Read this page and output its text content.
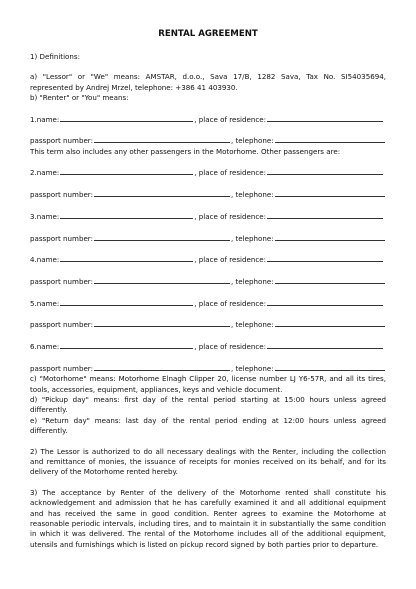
RENTAL AGREEMENT

1) Definitions:

a) "Lessor" or "We" means: AMSTAR, d.o.o., Sava 17/B, 1282 Sava, Tax No. SI54035694, represented by Andrej Mrzel, telephone: +386 41 403930.

b) "Renter" or "You" means:

1.name:	, place of residence:
passport number:	, telephone:

This term also includes any other passengers in the Motorhome. Other passengers are:

2.name:	, place of residence:
passport number:	, telephone:
3.name:	, place of residence:
passport number:	, telephone:
4.name:	, place of residence:
passport number:	, telephone:
5.name:	, place of residence:
passport number:	, telephone:
6.name:	, place of residence:
passport number:	, telephone:

c) "Motorhome" means: Motorhome Elnagh Clipper 20, license number LJ Y6-57R, and all its tires, tools, accessories, equipment, appliances, keys and vehicle document.

d) "Pickup day" means: first day of the rental period starting at 15:00 hours unless agreed differently.

e) "Return day" means: last day of the rental period ending at 12:00 hours unless agreed differently.

2) The Lessor is authorized to do all necessary dealings with the Renter, including the collection and remittance of monies, the issuance of receipts for monies received on its behalf, and for its delivery of the Motorhome rented hereby.

3) The acceptance by Renter of the delivery of the Motorhome rented shall constitute his acknowledgement and admission that he has carefully examined it and all additional equipment and has received the same in good condition. Renter agrees to examine the Motorhome at reasonable periodic intervals, including tires, and to maintain it in substantially the same condition in which it was delivered. The rental of the Motorhome includes all of the additional equipment, utensils and furnishings which is listed on pickup record signed by both parties prior to departure.
